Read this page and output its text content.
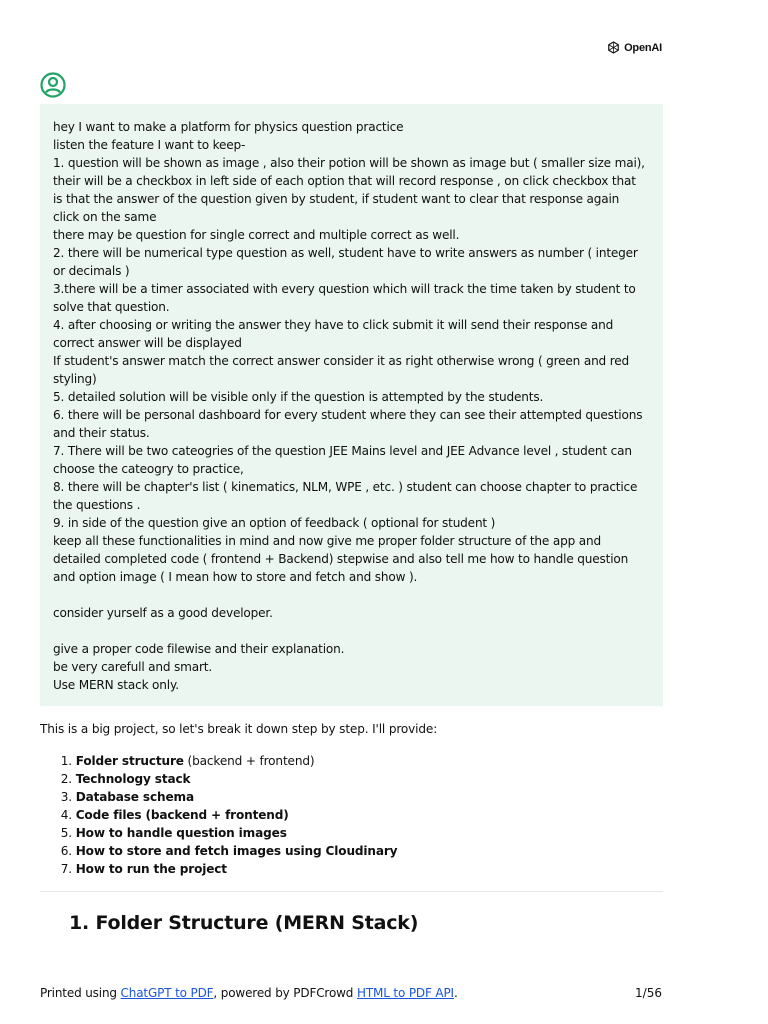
OpenAI

hey I want to make a platform for physics question practice

listen the feature I want to keep-

1. question will be shown as image , also their potion will be shown as image but ( smaller size mai),

their will be a checkbox in left side of each option that will record response , on click checkbox that

is that the answer of the question given by student, if student want to clear that response again

click on the same

there may be question for single correct and multiple correct as well.

2. there will be numerical type question as well, student have to write answers as number ( integer

or decimals )

3.there will be a timer associated with every question which will track the time taken by student to

solve that question.

4. after choosing or writing the answer they have to click submit it will send their response and

correct answer will be displayed

If student's answer match the correct answer consider it as right otherwise wrong ( green and red

styling)

5. detailed solution will be visible only if the question is attempted by the students.

6. there will be personal dashboard for every student where they can see their attempted questions

and their status.

7. There will be two cateogries of the question JEE Mains level and JEE Advance level , student can

choose the cateogry to practice,

8. there will be chapter's list ( kinematics, NLM, WPE , etc. ) student can choose chapter to practice

the questions .

9. in side of the question give an option of feedback ( optional for student )

keep all these functionalities in mind and now give me proper folder structure of the app and

detailed completed code ( frontend + Backend) stepwise and also tell me how to handle question

and option image ( I mean how to store and fetch and show ).

consider yurself as a good developer.

give a proper code filewise and their explanation.

be very carefull and smart.

Use MERN stack only.

This is a big project, so let's break it down step by step. I'll provide:

1. Folder structure (backend + frontend)
2. Technology stack
3. Database schema
4. Code files (backend + frontend)
5. How to handle question images
6. How to store and fetch images using Cloudinary
7. How to run the project
1. Folder Structure (MERN Stack)
Printed using ChatGPT to PDF, powered by PDFCrowd HTML to PDF API.	1/56
